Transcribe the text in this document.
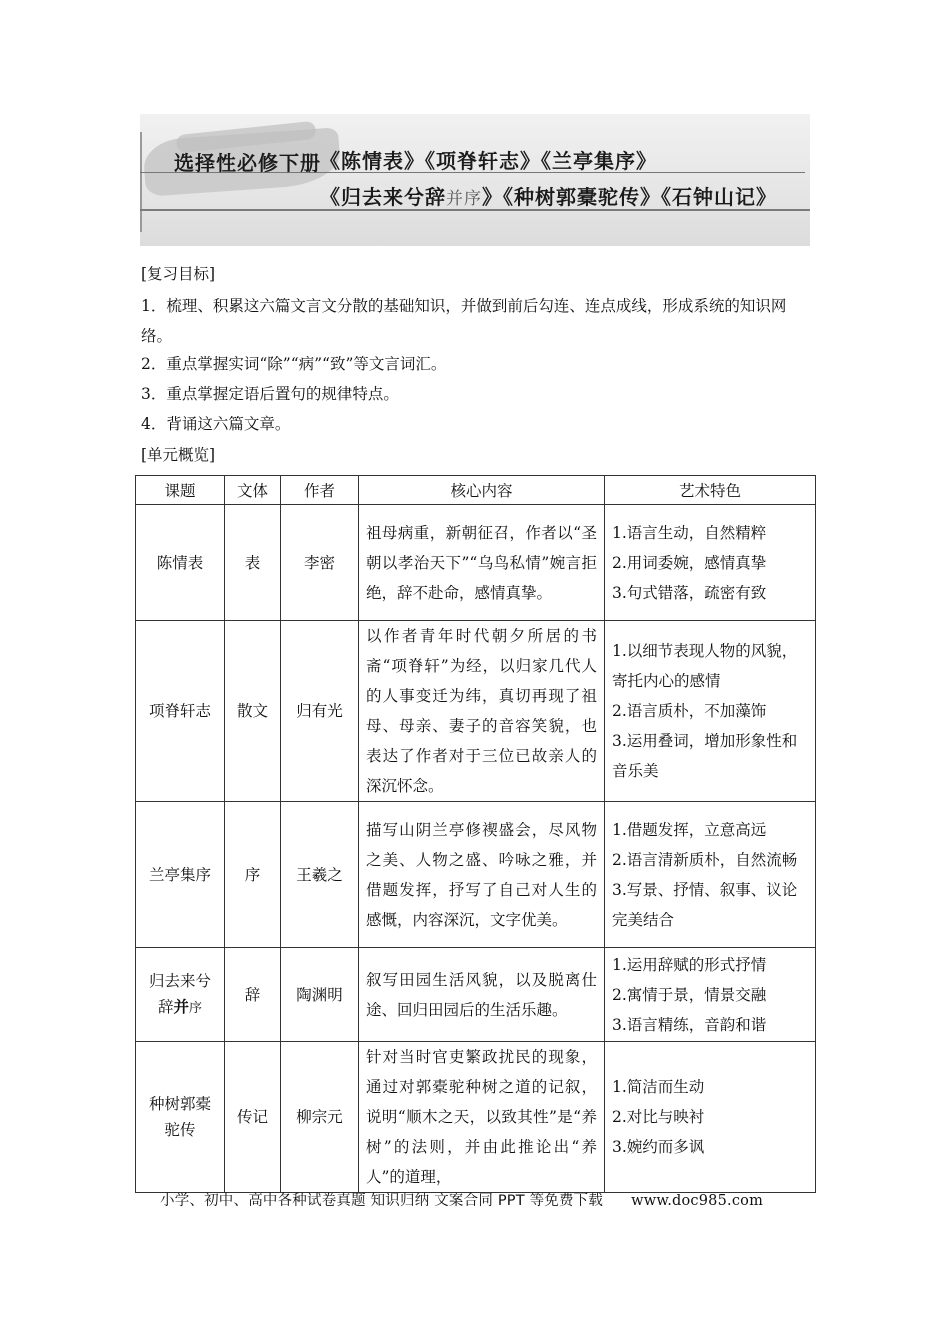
选择性必修下册 《陈情表》《项脊轩志》《兰亭集序》
《归去来兮辞并序》《种树郭橐驼传》《石钟山记》
[复习目标]
1．梳理、积累这六篇文言文分散的基础知识，并做到前后勾连、连点成线，形成系统的知识网络。
2．重点掌握实词“除”“病”“致”等文言词汇。
3．重点掌握定语后置句的规律特点。
4．背诵这六篇文章。
[单元概览]
课题	文体	作者	核心内容	艺术特色
陈情表	表	李密	祖母病重，新朝征召，作者以“圣朝以孝治天下”“乌鸟私情”婉言拒绝，辞不赴命，感情真挚。	1.语言生动，自然精粹
2.用词委婉，感情真挚
3.句式错落，疏密有致

项脊轩志	散文	归有光	以作者青年时代朝夕所居的书斋“项脊轩”为经，以归家几代人的人事变迁为纬，真切再现了祖母、母亲、妻子的音容笑貌，也表达了作者对于三位已故亲人的深沉怀念。	1.以细节表现人物的风貌，寄托内心的感情
2.语言质朴，不加藻饰
3.运用叠词，增加形象性和音乐美

兰亭集序	序	王羲之	描写山阴兰亭修禊盛会，尽风物之美、人物之盛、吟咏之雅，并借题发挥，抒写了自己对人生的感慨，内容深沉，文字优美。	1.借题发挥，立意高远
2.语言清新质朴，自然流畅
3.写景、抒情、叙事、议论完美结合

归去来兮辞并序	辞	陶渊明	叙写田园生活风貌，以及脱离仕途、回归田园后的生活乐趣。	1.运用辞赋的形式抒情
2.寓情于景，情景交融
3.语言精练，音韵和谐

种树郭橐驼传	传记	柳宗元	针对当时官吏繁政扰民的现象，通过对郭橐驼种树之道的记叙，说明“顺木之天，以致其性”是“养树”的法则，并由此推论出“养人”的道理，	1.简洁而生动
2.对比与映衬
3.婉约而多讽
小学、初中、高中各种试卷真题 知识归纳 文案合同 PPT 等免费下载 www.doc985.com
